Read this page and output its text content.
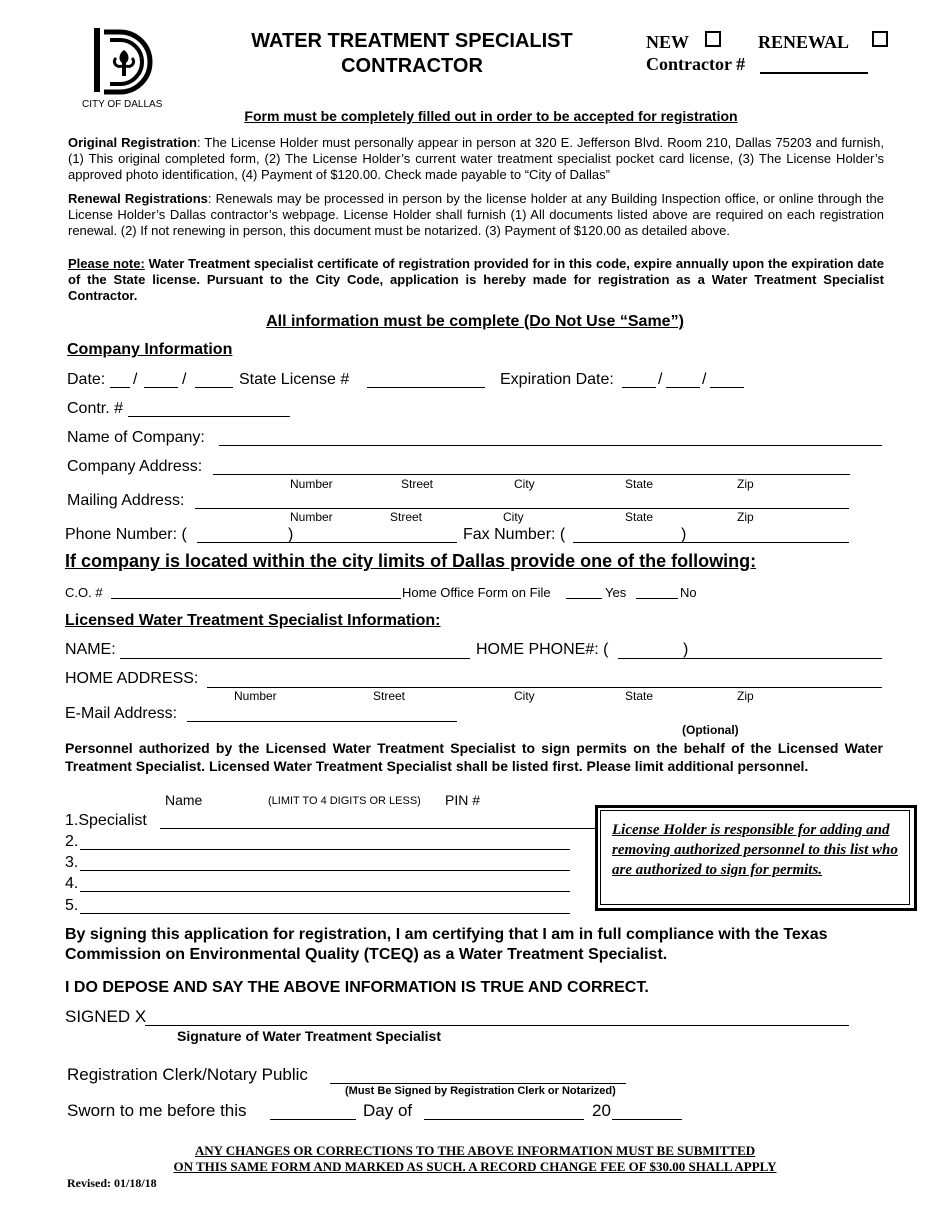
CITY OF DALLAS
WATER TREATMENT SPECIALIST
CONTRACTOR
NEW	RENEWAL
Contractor #
Form must be completely filled out in order to be accepted for registration
Original Registration: The License Holder must personally appear in person at 320 E. Jefferson Blvd. Room 210, Dallas 75203 and furnish, (1) This original completed form, (2) The License Holder’s current water treatment specialist pocket card license, (3) The License Holder’s approved photo identification, (4) Payment of $120.00. Check made payable to “City of Dallas”
Renewal Registrations: Renewals may be processed in person by the license holder at any Building Inspection office, or online through the License Holder’s Dallas contractor’s webpage. License Holder shall furnish (1) All documents listed above are required on each registration renewal. (2) If not renewing in person, this document must be notarized. (3) Payment of $120.00 as detailed above.
Please note: Water Treatment specialist certificate of registration provided for in this code, expire annually upon the expiration date of the State license. Pursuant to the City Code, application is hereby made for registration as a Water Treatment Specialist Contractor.
All information must be complete (Do Not Use “Same”)
Company Information
Date: /	/	State License #	Expiration Date:	/ /
Contr. #
Name of Company:
Company Address:
Number	Street	City	State	Zip
Mailing Address:
Number	Street	City	State	Zip
Phone Number: (	)	Fax Number: (	)
If company is located within the city limits of Dallas provide one of the following:
C.O. #	Home Office Form on File	Yes	No
Licensed Water Treatment Specialist Information:
NAME:	HOME PHONE#: (	)
HOME ADDRESS:
Number	Street	City	State	Zip
E-Mail Address:
(Optional)
Personnel authorized by the Licensed Water Treatment Specialist to sign permits on the behalf of the Licensed Water Treatment Specialist. Licensed Water Treatment Specialist shall be listed first. Please limit additional personnel.
Name	(LIMIT TO 4 DIGITS OR LESS) PIN #
1.Specialist
2.
3.
4.
5.
License Holder is responsible for adding and removing authorized personnel to this list who are authorized to sign for permits.
By signing this application for registration, I am certifying that I am in full compliance with the Texas Commission on Environmental Quality (TCEQ) as a Water Treatment Specialist.
I DO DEPOSE AND SAY THE ABOVE INFORMATION IS TRUE AND CORRECT.
SIGNED X
Signature of Water Treatment Specialist
Registration Clerk/Notary Public
(Must Be Signed by Registration Clerk or Notarized)
Sworn to me before this	Day of	20
ANY CHANGES OR CORRECTIONS TO THE ABOVE INFORMATION MUST BE SUBMITTED
ON THIS SAME FORM AND MARKED AS SUCH. A RECORD CHANGE FEE OF $30.00 SHALL APPLY
Revised: 01/18/18
